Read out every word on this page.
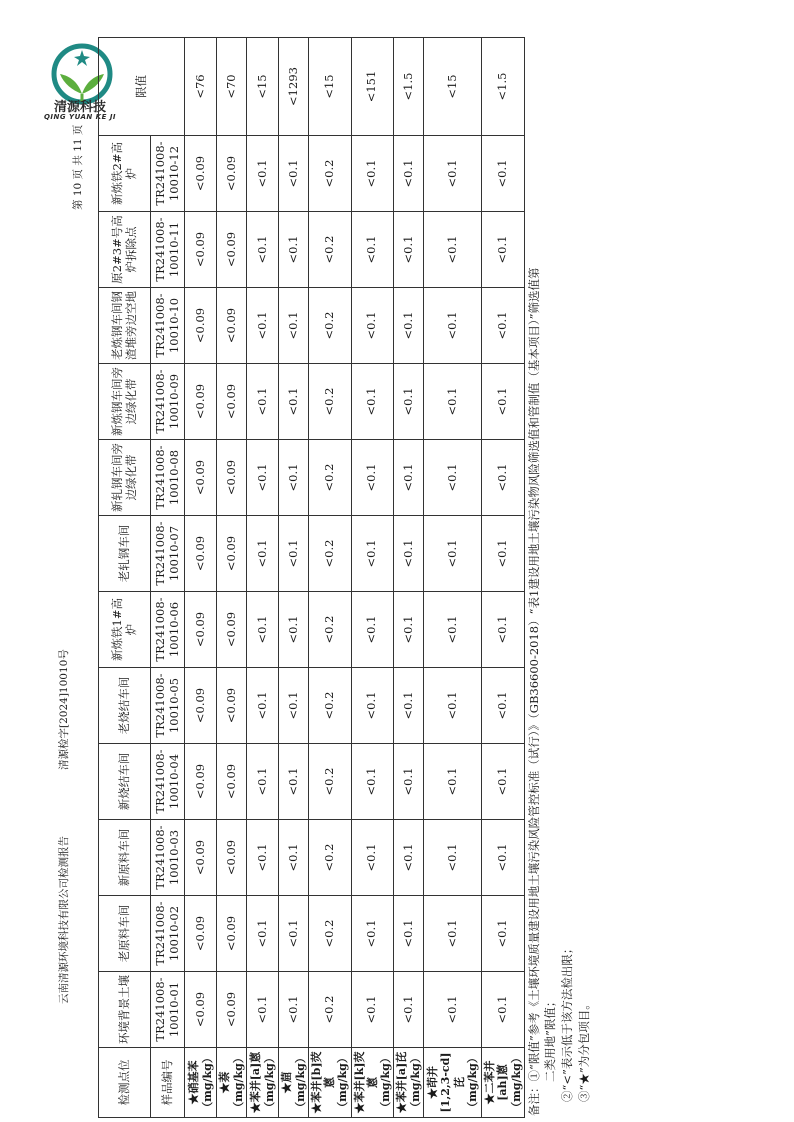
清源科技
QING YUAN KE JI
云南清源环境科技有限公司检测报告
清源检字[2024]10010号
第 10 页 共 11 页
检测点位	环境背景土壤	老原料车间	新原料车间	新烧结车间	老烧结车间	新炼铁1#高炉	老轧钢车间	新轧钢车间旁边绿化带	新炼钢车间旁边绿化带	老炼钢车间钢渣堆旁边空地	原2#3#号高炉拆除点	新炼铁2#高炉	限值
样品编号	TR241008-10010-01	TR241008-10010-02	TR241008-10010-03	TR241008-10010-04	TR241008-10010-05	TR241008-10010-06	TR241008-10010-07	TR241008-10010-08	TR241008-10010-09	TR241008-10010-10	TR241008-10010-11	TR241008-10010-12	
★硝基苯（mg/kg）	<0.09	<0.09	<0.09	<0.09	<0.09	<0.09	<0.09	<0.09	<0.09	<0.09	<0.09	<0.09	<76
★萘（mg/kg）	<0.09	<0.09	<0.09	<0.09	<0.09	<0.09	<0.09	<0.09	<0.09	<0.09	<0.09	<0.09	<70
★苯并[a]蒽（mg/kg）	<0.1	<0.1	<0.1	<0.1	<0.1	<0.1	<0.1	<0.1	<0.1	<0.1	<0.1	<0.1	<15
★䓛（mg/kg）	<0.1	<0.1	<0.1	<0.1	<0.1	<0.1	<0.1	<0.1	<0.1	<0.1	<0.1	<0.1	<1293
★苯并[b]荧蒽（mg/kg）	<0.2	<0.2	<0.2	<0.2	<0.2	<0.2	<0.2	<0.2	<0.2	<0.2	<0.2	<0.2	<15
★苯并[k]荧蒽（mg/kg）	<0.1	<0.1	<0.1	<0.1	<0.1	<0.1	<0.1	<0.1	<0.1	<0.1	<0.1	<0.1	<151
★苯并[a]芘（mg/kg）	<0.1	<0.1	<0.1	<0.1	<0.1	<0.1	<0.1	<0.1	<0.1	<0.1	<0.1	<0.1	<1.5
★茚并[1,2,3-cd]芘（mg/kg）	<0.1	<0.1	<0.1	<0.1	<0.1	<0.1	<0.1	<0.1	<0.1	<0.1	<0.1	<0.1	<15
★二苯并[ah]蒽（mg/kg）	<0.1	<0.1	<0.1	<0.1	<0.1	<0.1	<0.1	<0.1	<0.1	<0.1	<0.1	<0.1	<1.5
备注：①“限值”参考《土壤环境质量建设用地土壤污染风险管控标准（试行）》（GB36600-2018）“表1建设用地土壤污染物风险筛选值和管制值（基本项目）”筛选值第 二类用地”限值； ②“<”表示低于该方法检出限； ③“★”为分包项目。
